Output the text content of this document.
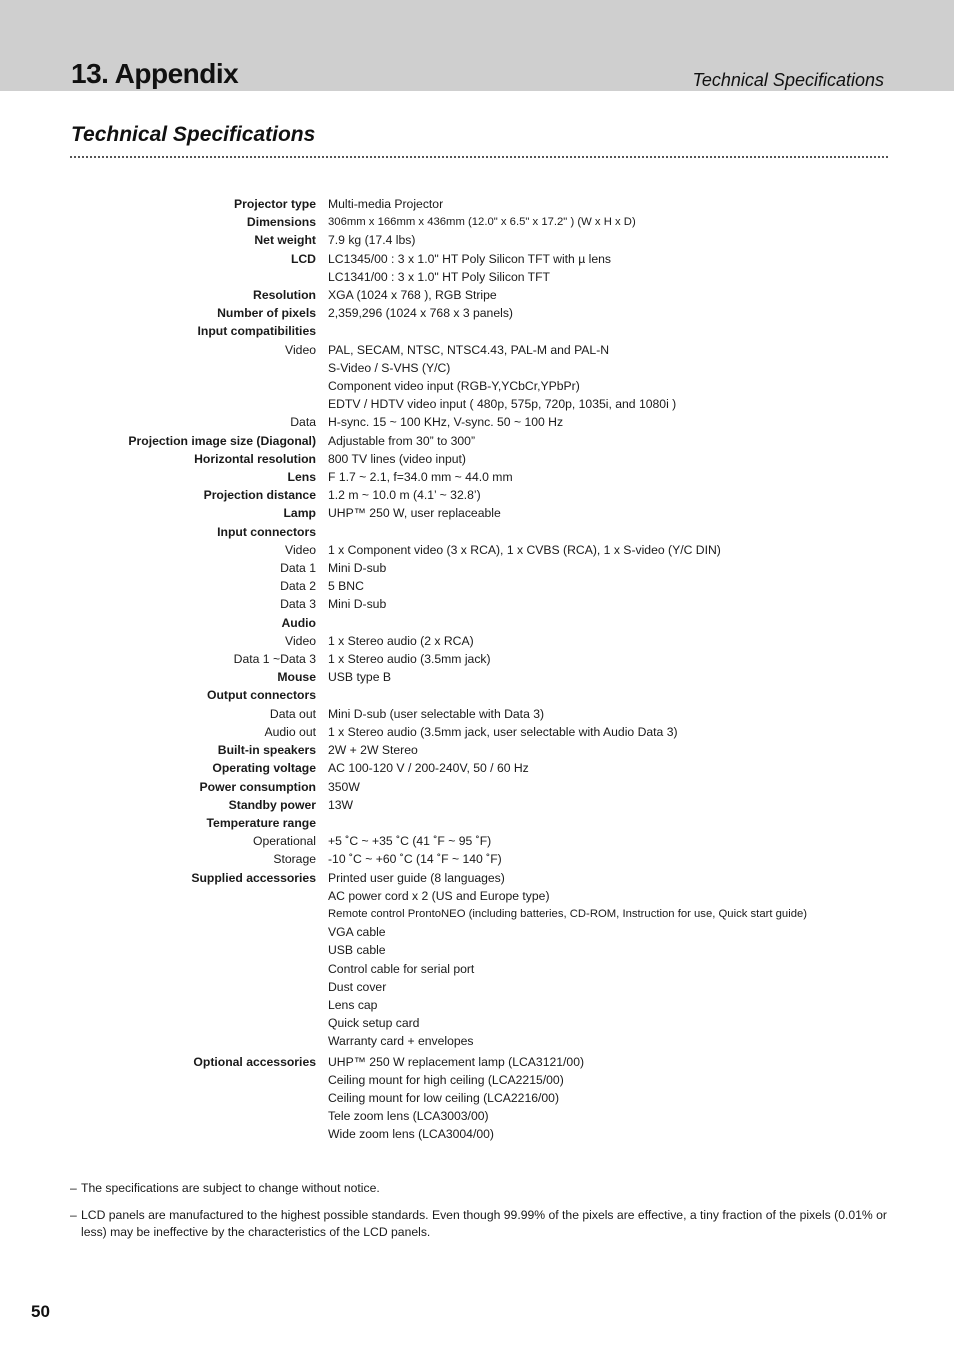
13. Appendix	Technical Specifications
Technical Specifications
Projector type Multi-media Projector
Dimensions	306mm x 166mm x 436mm (12.0" x 6.5" x 17.2" ) (W x H x D)
Net weight 7.9 kg (17.4 lbs)
LCD LC1345/00 : 3 x 1.0" HT Poly Silicon TFT with µ lens
LC1341/00 : 3 x 1.0" HT Poly Silicon TFT
Resolution XGA (1024 x 768 ), RGB Stripe
Number of pixels 2,359,296 (1024 x 768 x 3 panels)
Input compatibilities
Video PAL, SECAM, NTSC, NTSC4.43, PAL-M and PAL-N
S-Video / S-VHS (Y/C)
Component video input (RGB-Y,YCbCr,YPbPr)
EDTV / HDTV video input ( 480p, 575p, 720p, 1035i, and 1080i )
Data H-sync. 15 ~ 100 KHz, V-sync. 50 ~ 100 Hz
Projection image size (Diagonal) Adjustable from 30” to 300”
Horizontal resolution 800 TV lines (video input)
Lens F 1.7 ~ 2.1, f=34.0 mm ~ 44.0 mm
Projection distance 1.2 m ~ 10.0 m (4.1’ ~ 32.8’)
Lamp UHP™ 250 W, user replaceable
Input connectors
Video 1 x Component video (3 x RCA), 1 x CVBS (RCA), 1 x S-video (Y/C DIN)
Data 1 Mini D-sub
Data 2 5 BNC
Data 3 Mini D-sub
Audio
Video 1 x Stereo audio (2 x RCA)
Data 1 ~Data 3 1 x Stereo audio (3.5mm jack)
Mouse USB type B
Output connectors
Data out Mini D-sub (user selectable with Data 3)
Audio out 1 x Stereo audio (3.5mm jack, user selectable with Audio Data 3)
Built-in speakers 2W + 2W Stereo
Operating voltage AC 100-120 V / 200-240V, 50 / 60 Hz
Power consumption 350W
Standby power 13W
Temperature range
Operational +5 ˚C ~ +35 ˚C (41 ˚F ~ 95 ˚F)
Storage -10 ˚C ~ +60 ˚C (14 ˚F ~ 140 ˚F)
Supplied accessories Printed user guide (8 languages)
AC power cord x 2 (US and Europe type)
Remote control ProntoNEO (including batteries, CD-ROM, Instruction for use, Quick start guide)
VGA cable
USB cable
Control cable for serial port
Dust cover
Lens cap
Quick setup card
Warranty card + envelopes
Optional accessories UHP™ 250 W replacement lamp (LCA3121/00)
Ceiling mount for high ceiling (LCA2215/00)
Ceiling mount for low ceiling (LCA2216/00)
Tele zoom lens (LCA3003/00)
Wide zoom lens (LCA3004/00)
– The specifications are subject to change without notice.
– LCD panels are manufactured to the highest possible standards. Even though 99.99% of the pixels are effective, a tiny fraction of the pixels (0.01% or less) may be ineffective by the characteristics of the LCD panels.
50
